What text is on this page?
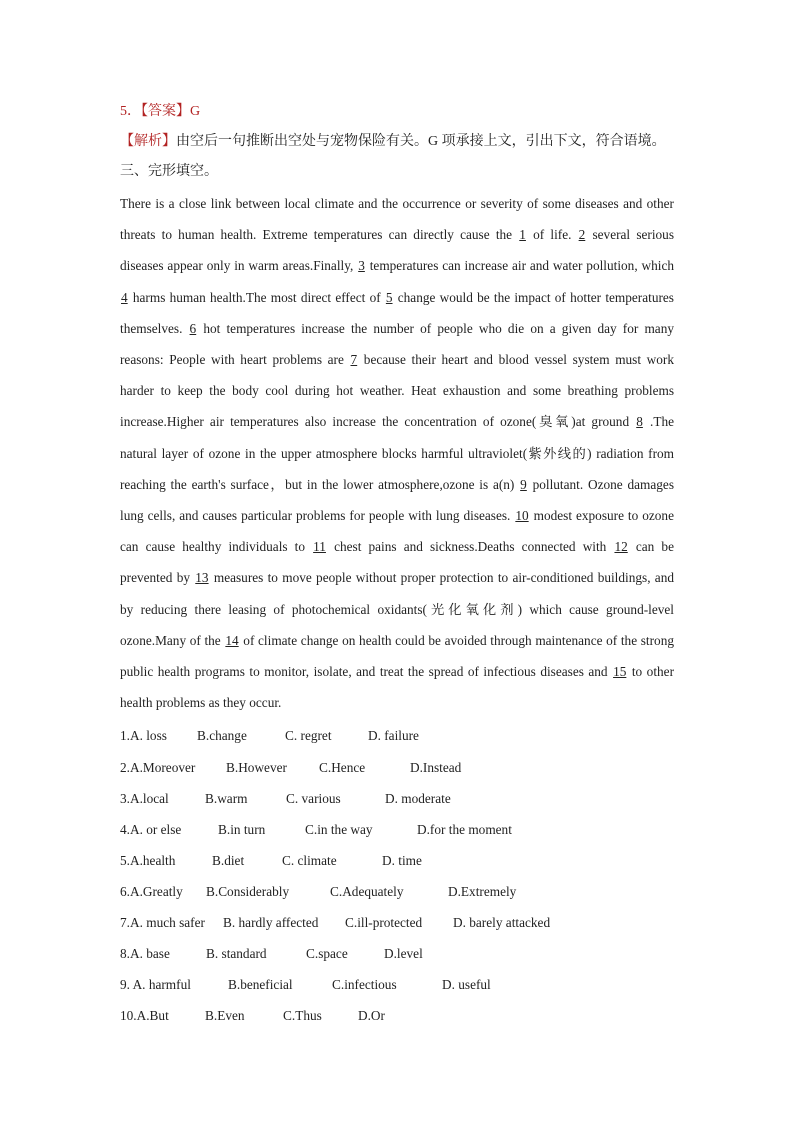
5．【答案】G
【解析】由空后一句推断出空处与宠物保险有关。G 项承接上文，引出下文，符合语境。
三、完形填空。
There is a close link between local climate and the occurrence or severity of some diseases and other threats to human health. Extreme temperatures can directly cause the 1 of life. 2 several serious diseases appear only in warm areas.Finally, 3 temperatures can increase air and water pollution, which 4 harms human health.The most direct effect of 5 change would be the impact of hotter temperatures themselves. 6 hot temperatures increase the number of people who die on a given day for many reasons: People with heart problems are 7 because their heart and blood vessel system must work harder to keep the body cool during hot weather. Heat exhaustion and some breathing problems increase.Higher air temperatures also increase the concentration of ozone(臭氧)at ground 8 .The natural layer of ozone in the upper atmosphere blocks harmful ultraviolet(紫外线的) radiation from reaching the earth's surface，but in the lower atmosphere,ozone is a(n) 9 pollutant. Ozone damages lung cells, and causes particular problems for people with lung diseases. 10 modest exposure to ozone can cause healthy individuals to 11 chest pains and sickness.Deaths connected with 12 can be prevented by 13 measures to move people without proper protection to air-conditioned buildings, and by reducing there leasing of photochemical oxidants(光化氧化剂) which cause ground-level ozone.Many of the 14 of climate change on health could be avoided through maintenance of the strong public health programs to monitor, isolate, and treat the spread of infectious diseases and 15 to other health problems as they occur.
1.A. loss B.change	C. regret	D. failure
2.A.Moreover B.However C.Hence	D.Instead
3.A.local	B.warm	C. various	D. moderate
4.A. or else	B.in turn	C.in the way	D.for the moment
5.A.health	B.diet	C. climate	D. time
6.A.Greatly B.Considerably	C.Adequately	D.Extremely
7.A. much safer B. hardly affected C.ill-protected D. barely attacked
8.A. base	B. standard	C.space	D.level
9. A. harmful	B.beneficial	C.infectious	D. useful
10.A.But	B.Even	C.Thus	D.Or
